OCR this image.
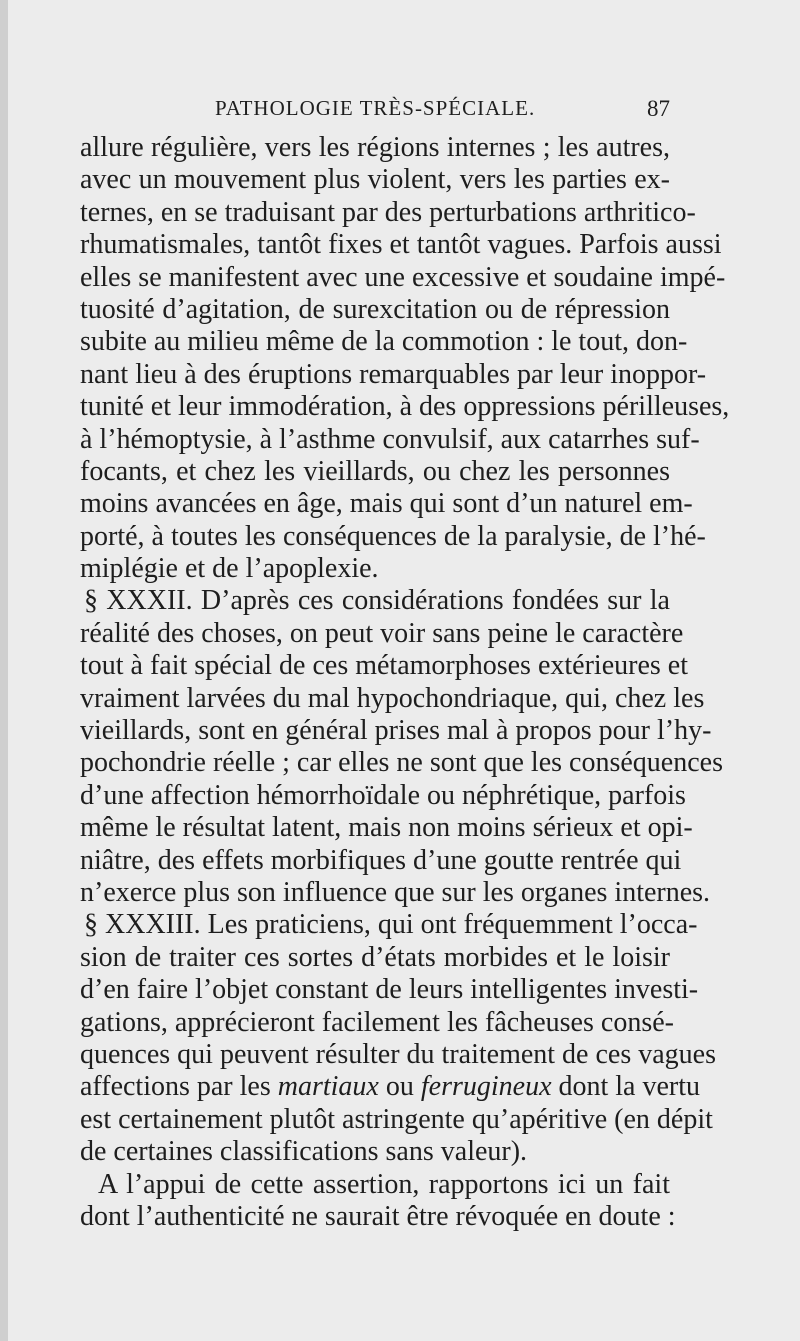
PATHOLOGIE TRÈS-SPÉCIALE.	87
allure régulière, vers les régions internes ; les autres,
avec un mouvement plus violent, vers les parties ex-
ternes, en se traduisant par des perturbations arthritico-
rhumatismales, tantôt fixes et tantôt vagues. Parfois aussi
elles se manifestent avec une excessive et soudaine impé-
tuosité d’agitation, de surexcitation ou de répression
subite au milieu même de la commotion : le tout, don-
nant lieu à des éruptions remarquables par leur inoppor-
tunité et leur immodération, à des oppressions périlleuses,
à l’hémoptysie, à l’asthme convulsif, aux catarrhes suf-
focants, et chez les vieillards, ou chez les personnes
moins avancées en âge, mais qui sont d’un naturel em-
porté, à toutes les conséquences de la paralysie, de l’hé-
miplégie et de l’apoplexie.
§ XXXII. D’après ces considérations fondées sur la
réalité des choses, on peut voir sans peine le caractère
tout à fait spécial de ces métamorphoses extérieures et
vraiment larvées du mal hypochondriaque, qui, chez les
vieillards, sont en général prises mal à propos pour l’hy-
pochondrie réelle ; car elles ne sont que les conséquences
d’une affection hémorrhoïdale ou néphrétique, parfois
même le résultat latent, mais non moins sérieux et opi-
niâtre, des effets morbifiques d’une goutte rentrée qui
n’exerce plus son influence que sur les organes internes.
§ XXXIII. Les praticiens, qui ont fréquemment l’occa-
sion de traiter ces sortes d’états morbides et le loisir
d’en faire l’objet constant de leurs intelligentes investi-
gations, apprécieront facilement les fâcheuses consé-
quences qui peuvent résulter du traitement de ces vagues
affections par les martiaux ou ferrugineux dont la vertu
est certainement plutôt astringente qu’apéritive (en dépit
de certaines classifications sans valeur).
A l’appui de cette assertion, rapportons ici un fait
dont l’authenticité ne saurait être révoquée en doute :
